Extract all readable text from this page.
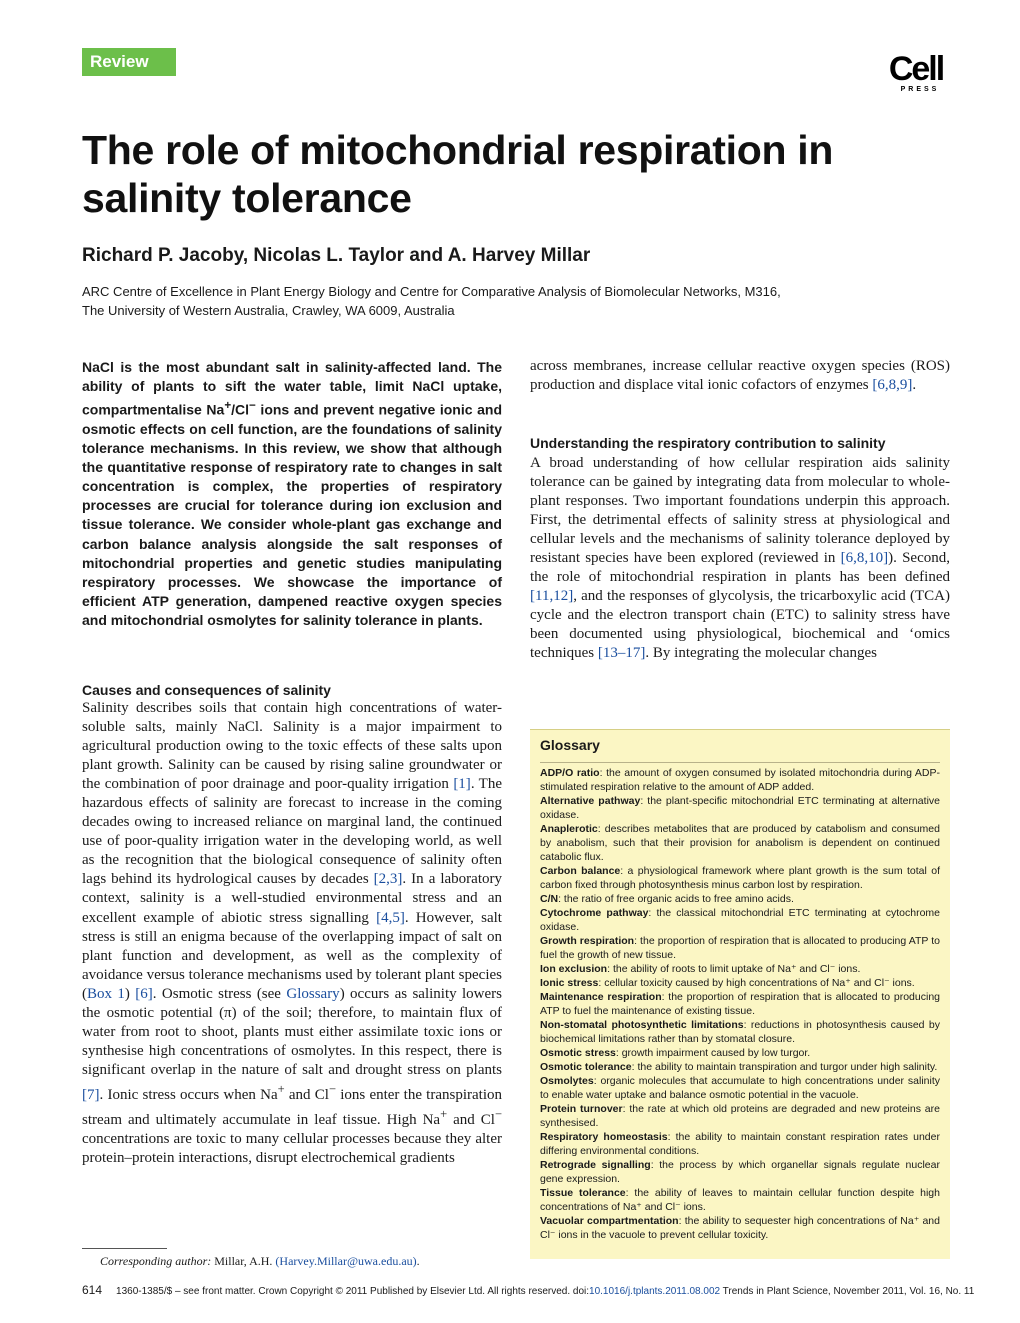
Review	Cell
PRESS
The role of mitochondrial respiration in salinity tolerance
Richard P. Jacoby, Nicolas L. Taylor and A. Harvey Millar
ARC Centre of Excellence in Plant Energy Biology and Centre for Comparative Analysis of Biomolecular Networks, M316,
The University of Western Australia, Crawley, WA 6009, Australia
NaCl is the most abundant salt in salinity-affected land. The ability of plants to sift the water table, limit NaCl uptake, compartmentalise Na+/Cl− ions and prevent negative ionic and osmotic effects on cell function, are the foundations of salinity tolerance mechanisms. In this review, we show that although the quantitative response of respiratory rate to changes in salt concentration is complex, the properties of respiratory processes are crucial for tolerance during ion exclusion and tissue tolerance. We consider whole-plant gas exchange and carbon balance analysis alongside the salt responses of mitochondrial properties and genetic studies manipulating respiratory processes. We showcase the importance of efficient ATP generation, dampened reactive oxygen species and mitochondrial osmolytes for salinity tolerance in plants.
Causes and consequences of salinity
Salinity describes soils that contain high concentrations of water-soluble salts, mainly NaCl. Salinity is a major impairment to agricultural production owing to the toxic effects of these salts upon plant growth. Salinity can be caused by rising saline groundwater or the combination of poor drainage and poor-quality irrigation [1]. The hazardous effects of salinity are forecast to increase in the coming decades owing to increased reliance on marginal land, the continued use of poor-quality irrigation water in the developing world, as well as the recognition that the biological consequence of salinity often lags behind its hydrological causes by decades [2,3]. In a laboratory context, salinity is a well-studied environmental stress and an excellent example of abiotic stress signalling [4,5]. However, salt stress is still an enigma because of the overlapping impact of salt on plant function and development, as well as the complexity of avoidance versus tolerance mechanisms used by tolerant plant species (Box 1) [6]. Osmotic stress (see Glossary) occurs as salinity lowers the osmotic potential (π) of the soil; therefore, to maintain flux of water from root to shoot, plants must either assimilate toxic ions or synthesise high concentrations of osmolytes. In this respect, there is significant overlap in the nature of salt and drought stress on plants [7]. Ionic stress occurs when Na+ and Cl− ions enter the transpiration stream and ultimately accumulate in leaf tissue. High Na+ and Cl− concentrations are toxic to many cellular processes because they alter protein–protein interactions, disrupt electrochemical gradients
across membranes, increase cellular reactive oxygen species (ROS) production and displace vital ionic cofactors of enzymes [6,8,9].
Understanding the respiratory contribution to salinity
A broad understanding of how cellular respiration aids salinity tolerance can be gained by integrating data from molecular to whole-plant responses. Two important foundations underpin this approach. First, the detrimental effects of salinity stress at physiological and cellular levels and the mechanisms of salinity tolerance deployed by resistant species have been explored (reviewed in [6,8,10]). Second, the role of mitochondrial respiration in plants has been defined [11,12], and the responses of glycolysis, the tricarboxylic acid (TCA) cycle and the electron transport chain (ETC) to salinity stress have been documented using physiological, biochemical and ‘omics techniques [13–17]. By integrating the molecular changes
Glossary

ADP/O ratio: the amount of oxygen consumed by isolated mitochondria during ADP-stimulated respiration relative to the amount of ADP added.

Alternative pathway: the plant-specific mitochondrial ETC terminating at alternative oxidase.

Anaplerotic: describes metabolites that are produced by catabolism and consumed by anabolism, such that their provision for anabolism is dependent on continued catabolic flux.

Carbon balance: a physiological framework where plant growth is the sum total of carbon fixed through photosynthesis minus carbon lost by respiration.

C/N: the ratio of free organic acids to free amino acids.

Cytochrome pathway: the classical mitochondrial ETC terminating at cytochrome oxidase.

Growth respiration: the proportion of respiration that is allocated to producing ATP to fuel the growth of new tissue.

Ion exclusion: the ability of roots to limit uptake of Na⁺ and Cl⁻ ions.

Ionic stress: cellular toxicity caused by high concentrations of Na⁺ and Cl⁻ ions.

Maintenance respiration: the proportion of respiration that is allocated to producing ATP to fuel the maintenance of existing tissue.

Non-stomatal photosynthetic limitations: reductions in photosynthesis caused by biochemical limitations rather than by stomatal closure.

Osmotic stress: growth impairment caused by low turgor.

Osmotic tolerance: the ability to maintain transpiration and turgor under high salinity.

Osmolytes: organic molecules that accumulate to high concentrations under salinity to enable water uptake and balance osmotic potential in the vacuole.

Protein turnover: the rate at which old proteins are degraded and new proteins are synthesised.

Respiratory homeostasis: the ability to maintain constant respiration rates under differing environmental conditions.

Retrograde signalling: the process by which organellar signals regulate nuclear gene expression.

Tissue tolerance: the ability of leaves to maintain cellular function despite high concentrations of Na⁺ and Cl⁻ ions.

Vacuolar compartmentation: the ability to sequester high concentrations of Na⁺ and Cl⁻ ions in the vacuole to prevent cellular toxicity.

Corresponding author: Millar, A.H. (Harvey.Millar@uwa.edu.au).
614 1360-1385/$ – see front matter. Crown Copyright © 2011 Published by Elsevier Ltd. All rights reserved. doi:10.1016/j.tplants.2011.08.002 Trends in Plant Science, November 2011, Vol. 16, No. 11
